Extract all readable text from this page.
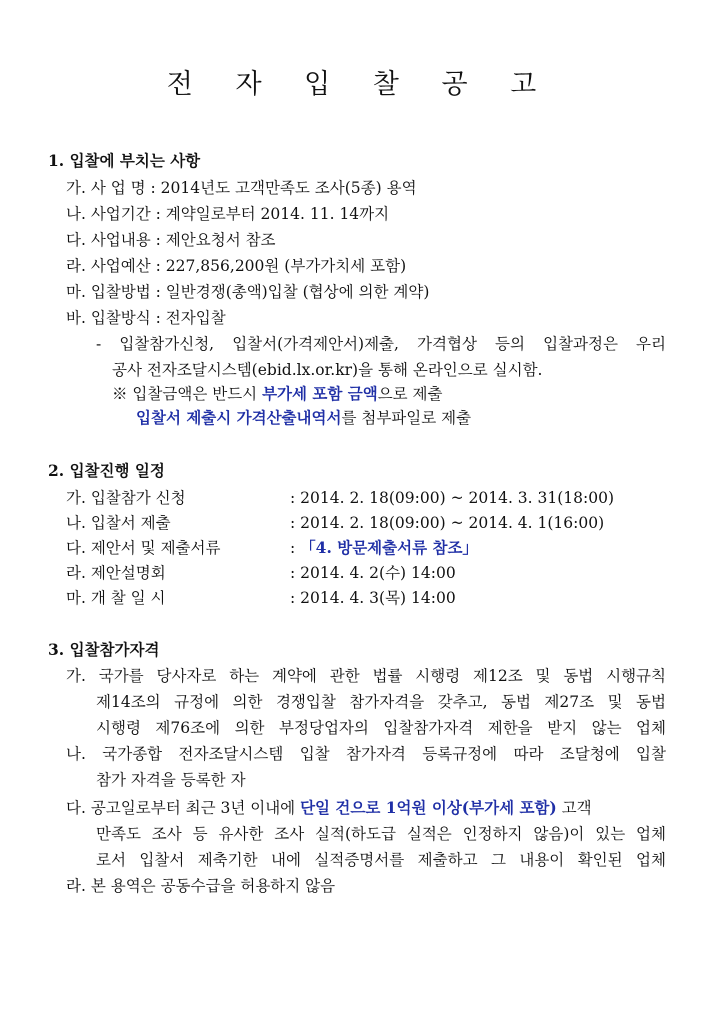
전 자 입 찰 공 고
1. 입찰에 부치는 사항
가. 사 업 명 : 2014년도 고객만족도 조사(5종) 용역
나. 사업기간 : 계약일로부터 2014. 11. 14까지
다. 사업내용 : 제안요청서 참조
라. 사업예산 : 227,856,200원 (부가가치세 포함)
마. 입찰방법 : 일반경쟁(총액)입찰 (협상에 의한 계약)
바. 입찰방식 : 전자입찰
- 입찰참가신청, 입찰서(가격제안서)제출, 가격협상 등의 입찰과정은 우리
공사 전자조달시스템(ebid.lx.or.kr)을 통해 온라인으로 실시함.
※ 입찰금액은 반드시 부가세 포함 금액으로 제출
입찰서 제출시 가격산출내역서를 첨부파일로 제출
2. 입찰진행 일정
가. 입찰참가 신청	: 2014. 2. 18(09:00) ~ 2014. 3. 31(18:00)
나. 입찰서 제출	: 2014. 2. 18(09:00) ~ 2014. 4. 1(16:00)
다. 제안서 및 제출서류	: 「4. 방문제출서류 참조」
라. 제안설명회	: 2014. 4. 2(수) 14:00
마. 개 찰 일 시	: 2014. 4. 3(목) 14:00
3. 입찰참가자격
가. 국가를 당사자로 하는 계약에 관한 법률 시행령 제12조 및 동법 시행규칙
제14조의 규정에 의한 경쟁입찰 참가자격을 갖추고, 동법 제27조 및 동법
시행령 제76조에 의한 부정당업자의 입찰참가자격 제한을 받지 않는 업체
나. 국가종합 전자조달시스템 입찰 참가자격 등록규정에 따라 조달청에 입찰
참가 자격을 등록한 자
다. 공고일로부터 최근 3년 이내에 단일 건으로 1억원 이상(부가세 포함) 고객
만족도 조사 등 유사한 조사 실적(하도급 실적은 인정하지 않음)이 있는 업체
로서 입찰서 제축기한 내에 실적증명서를 제출하고 그 내용이 확인된 업체
라. 본 용역은 공동수급을 허용하지 않음
